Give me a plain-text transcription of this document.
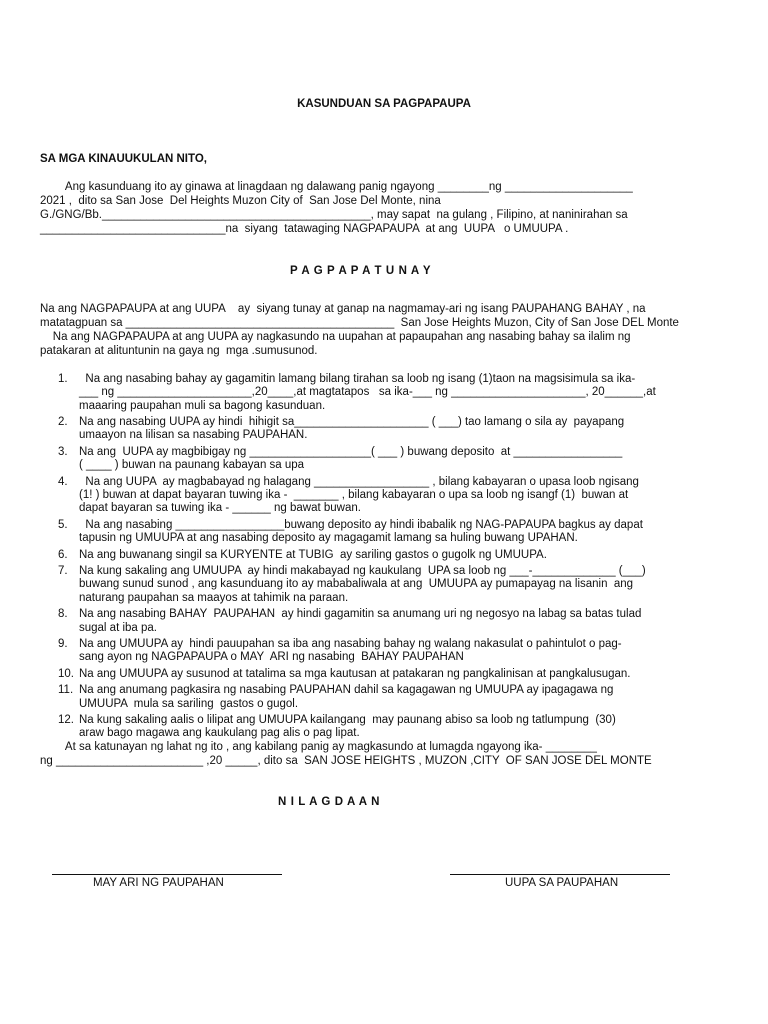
KASUNDUAN SA PAGPAPAUPA
SA MGA KINAUUKULAN NITO,
Ang kasunduang ito ay ginawa at linagdaan ng dalawang panig ngayong ________ng ____________________
2021 ,  dito sa San Jose  Del Heights Muzon City of  San Jose Del Monte, nina
G./GNG/Bb.__________________________________________, may sapat  na gulang , Filipino, at naninirahan sa
_____________________________na  siyang  tatawaging NAGPAPAUPA  at ang  UUPA   o UMUUPA .
P A G P A P A T U N A Y
Na ang NAGPAPAUPA at ang UUPA    ay  siyang tunay at ganap na nagmamay-ari ng isang PAUPAHANG BAHAY , na
matatagpuan sa __________________________________________  San Jose Heights Muzon, City of San Jose DEL Monte
Na ang NAGPAPAUPA at ang UUPA ay nagkasundo na uupahan at papaupahan ang nasabing bahay sa ilalim ng
patakaran at alituntunin na gaya ng  mga .sumusunod.
1. Na ang nasabing bahay ay gagamitin lamang bilang tirahan sa loob ng isang (1)taon na magsisimula sa ika-
___ ng _____________________,20____,at magtatapos   sa ika-___ ng _____________________, 20______,at
maaaring paupahan muli sa bagong kasunduan.
2. Na ang nasabing UUPA ay hindi  hihigit sa_____________________ ( ___) tao lamang o sila ay  payapang
umaayon na lilisan sa nasabing PAUPAHAN.
3. Na ang  UUPA ay magbibigay ng ___________________( ___ ) buwang deposito  at _________________
( ____ ) buwan na paunang kabayan sa upa
4. Na ang UUPA  ay magbabayad ng halagang __________________ , bilang kabayaran o upasa loob ngisang
(1! ) buwan at dapat bayaran tuwing ika -  _______ , bilang kabayaran o upa sa loob ng isangf (1)  buwan at
dapat bayaran sa tuwing ika - ______ ng bawat buwan.
5. Na ang nasabing _________________buwang deposito ay hindi ibabalik ng NAG-PAPAUPA bagkus ay dapat
tapusin ng UMUUPA at ang nasabing deposito ay magagamit lamang sa huling buwang UPAHAN.
6. Na ang buwanang singil sa KURYENTE at TUBIG  ay sariling gastos o gugolk ng UMUUPA.
7. Na kung sakaling ang UMUUPA  ay hindi makabayad ng kaukulang  UPA sa loob ng ___-_____________ (___)
buwang sunud sunod , ang kasunduang ito ay mababaliwala at ang  UMUUPA ay pumapayag na lisanin  ang
naturang paupahan sa maayos at tahimik na paraan.
8. Na ang nasabing BAHAY  PAUPAHAN  ay hindi gagamitin sa anumang uri ng negosyo na labag sa batas tulad
sugal at iba pa.
9. Na ang UMUUPA ay  hindi pauupahan sa iba ang nasabing bahay ng walang nakasulat o pahintulot o pag-
sang ayon ng NAGPAPAUPA o MAY  ARI ng nasabing  BAHAY PAUPAHAN
10. Na ang UMUUPA ay susunod at tatalima sa mga kautusan at patakaran ng pangkalinisan at pangkalusugan.
11. Na ang anumang pagkasira ng nasabing PAUPAHAN dahil sa kagagawan ng UMUUPA ay ipagagawa ng
UMUUPA  mula sa sariling  gastos o gugol.
12. Na kung sakaling aalis o lilipat ang UMUUPA kailangang  may paunang abiso sa loob ng tatlumpung  (30)
araw bago magawa ang kaukulang pag alis o pag lipat.
At sa katunayan ng lahat ng ito , ang kabilang panig ay magkasundo at lumagda ngayong ika- ________
ng _______________________ ,20 _____, dito sa  SAN JOSE HEIGHTS , MUZON ,CITY  OF SAN JOSE DEL MONTE
N I L A G D A A N
MAY ARI NG PAUPAHAN	UUPA SA PAUPAHAN
